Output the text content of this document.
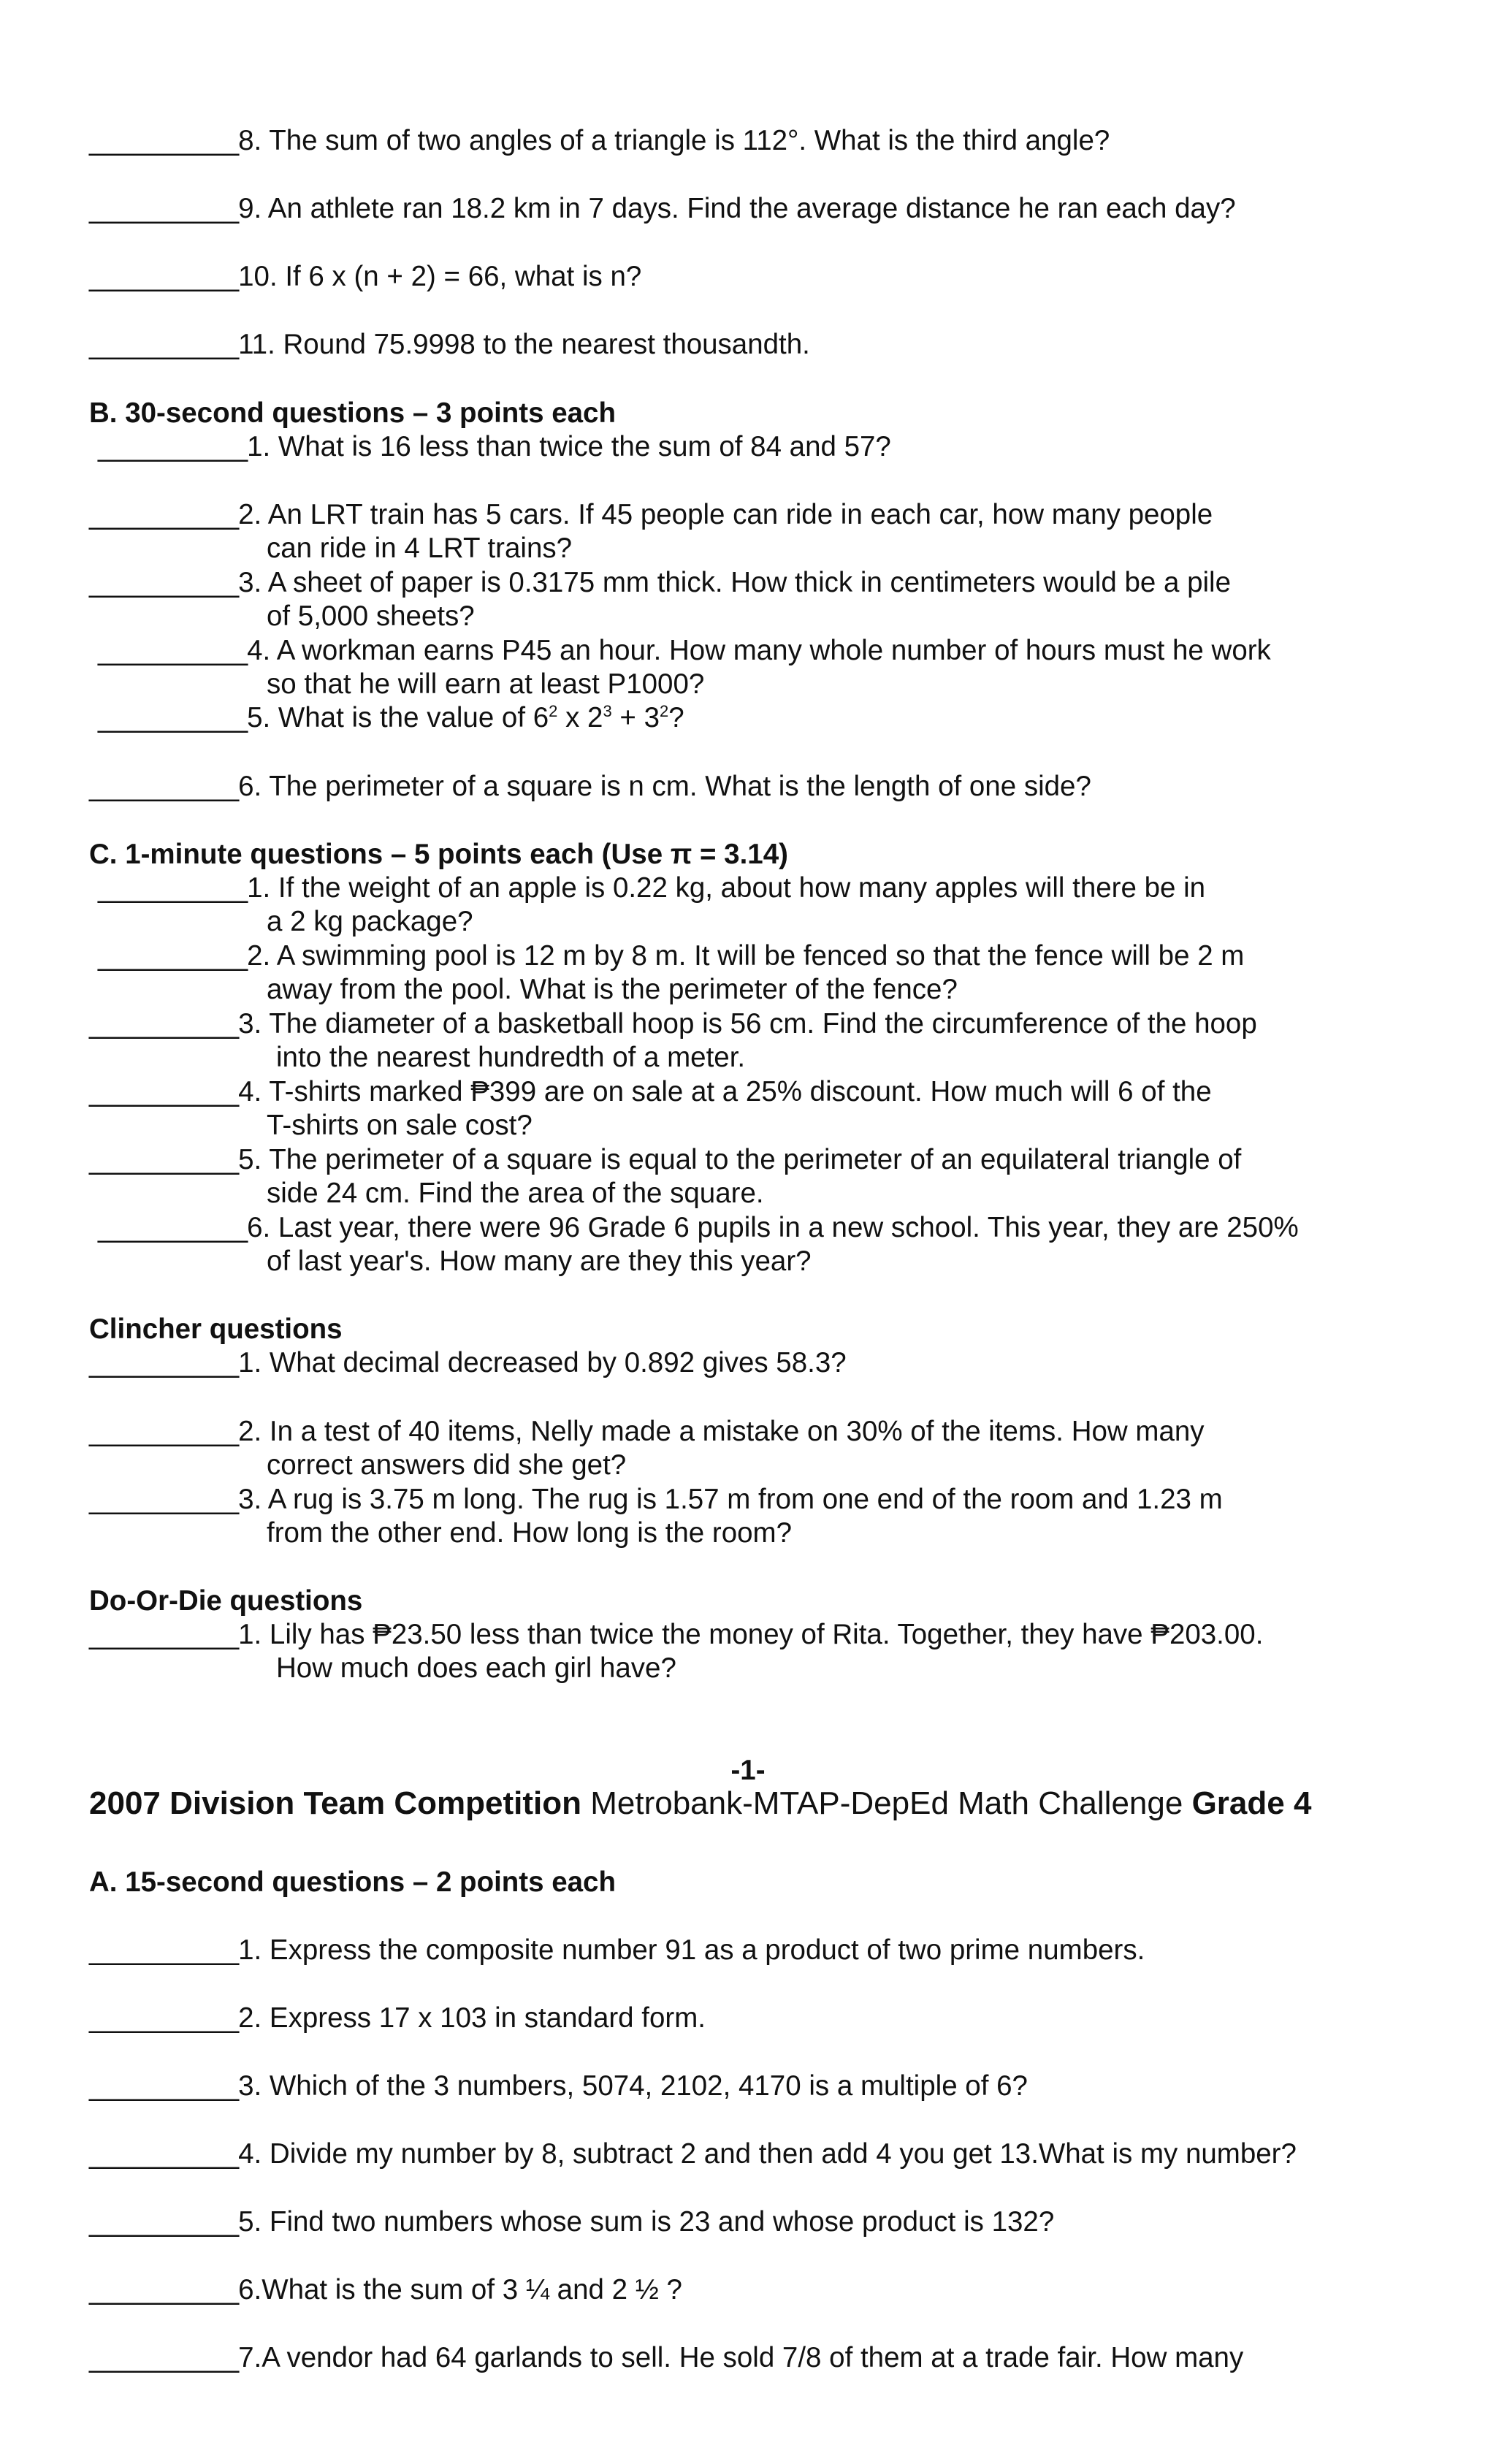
__________8. The sum of two angles of a triangle is 112°. What is the third angle?
__________9. An athlete ran 18.2 km in 7 days. Find the average distance he ran each day?
__________10. If 6 x (n + 2) = 66, what is n?
__________11. Round 75.9998 to the nearest thousandth.
B. 30-second questions – 3 points each
__________1. What is 16 less than twice the sum of 84 and 57?
__________2. An LRT train has 5 cars. If 45 people can ride in each car, how many people
can ride in 4 LRT trains?
__________3. A sheet of paper is 0.3175 mm thick. How thick in centimeters would be a pile
of 5,000 sheets?
__________4. A workman earns P45 an hour. How many whole number of hours must he work
so that he will earn at least P1000?
__________5. What is the value of $6^2$ x $2^3 + 3^2$?
__________6. The perimeter of a square is n cm. What is the length of one side?
C. 1-minute questions – 5 points each (Use π = 3.14)
__________1. If the weight of an apple is 0.22 kg, about how many apples will there be in
a 2 kg package?
__________2. A swimming pool is 12 m by 8 m. It will be fenced so that the fence will be 2 m
away from the pool. What is the perimeter of the fence?
__________3. The diameter of a basketball hoop is 56 cm. Find the circumference of the hoop
into the nearest hundredth of a meter.
__________4. T-shirts marked ₱399 are on sale at a 25% discount. How much will 6 of the
T-shirts on sale cost?
__________5. The perimeter of a square is equal to the perimeter of an equilateral triangle of
side 24 cm. Find the area of the square.
__________6. Last year, there were 96 Grade 6 pupils in a new school. This year, they are 250%
of last year's. How many are they this year?
Clincher questions
__________1. What decimal decreased by 0.892 gives 58.3?
__________2. In a test of 40 items, Nelly made a mistake on 30% of the items. How many
correct answers did she get?
__________3. A rug is 3.75 m long. The rug is 1.57 m from one end of the room and 1.23 m
from the other end. How long is the room?
Do-Or-Die questions
__________1. Lily has ₱23.50 less than twice the money of Rita. Together, they have ₱203.00.
How much does each girl have?
-1-
2007 Division Team Competition Metrobank-MTAP-DepEd Math Challenge Grade 4
A. 15-second questions – 2 points each
__________1. Express the composite number 91 as a product of two prime numbers.
__________2. Express 17 x 103 in standard form.
__________3. Which of the 3 numbers, 5074, 2102, 4170 is a multiple of 6?
__________4. Divide my number by 8, subtract 2 and then add 4 you get 13.What is my number?
__________5. Find two numbers whose sum is 23 and whose product is 132?
__________6.What is the sum of 3 ¼ and 2 ½ ?
__________7.A vendor had 64 garlands to sell. He sold 7/8 of them at a trade fair. How many
